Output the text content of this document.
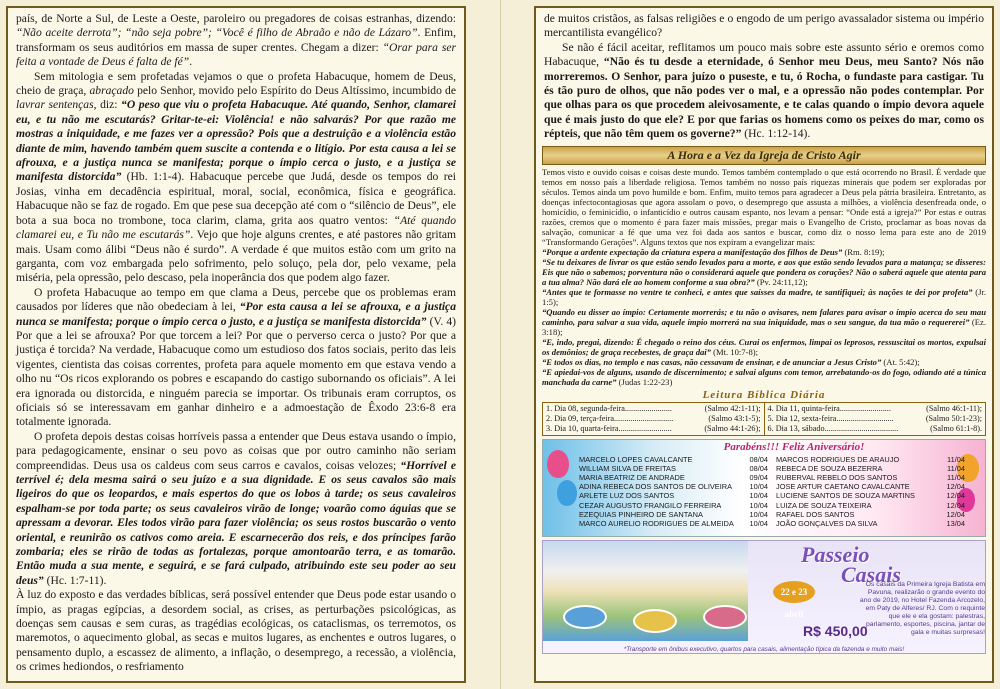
país, de Norte a Sul, de Leste a Oeste, paroleiro ou pregadores de coisas estranhas, dizendo: “Não aceite derrota”; “não seja pobre”; “Você é filho de Abraão e não de Lázaro”. Enfim, transformam os seus auditórios em massa de super crentes. Chegam a dizer: “Orar para ser feita a vontade de Deus é falta de fé”.

Sem mitologia e sem profetadas vejamos o que o profeta Habacuque, homem de Deus, cheio de graça, abraçado pelo Senhor, movido pelo Espírito do Deus Altíssimo, incumbido de lavrar sentenças, diz: “O peso que viu o profeta Habacuque. Até quando, Senhor, clamarei eu, e tu não me escutarás? Gritar-te-ei: Violência! e não salvarás? Por que razão me mostras a iniquidade, e me fazes ver a opressão? Pois que a destruição e a violência estão diante de mim, havendo também quem suscite a contenda e o litígio. Por esta causa a lei se afrouxa, e a justiça nunca se manifesta; porque o ímpio cerca o justo, e a justiça se manifesta distorcida” (Hb. 1:1-4). Habacuque percebe que Judá, desde os tempos do rei Josias, vinha em decadência espiritual, moral, social, econômica, física e geográfica. Habacuque não se faz de rogado. Em que pese sua decepção até com o “silêncio de Deus”, ele bota a sua boca no trombone, toca clarim, clama, grita aos quatro ventos: “Até quando clamarei eu, e Tu não me escutarás”. Vejo que hoje alguns crentes, e até pastores não gritam mais. Usam como álibi “Deus não é surdo”. A verdade é que muitos estão com um grito na garganta, com voz embargada pelo sofrimento, pelo soluço, pela dor, pelo vexame, pela miséria, pela opressão, pelo descaso, pela inoperância dos que podem algo fazer.

O profeta Habacuque ao tempo em que clama a Deus, percebe que os problemas eram causados por líderes que não obedeciam à lei, “Por esta causa a lei se afrouxa, e a justiça nunca se manifesta; porque o ímpio cerca o justo, e a justiça se manifesta distorcida” (V. 4) Por que a lei se afrouxa? Por que torcem a lei? Por que o perverso cerca o justo? Por que a justiça é torcida? Na verdade, Habacuque como um estudioso dos fatos sociais, perito das leis vigentes, cientista das coisas correntes, profeta para aquele momento em que estava vendo a olho nu “Os ricos explorando os pobres e escapando do castigo subornando os oficiais”. A lei era ignorada ou distorcida, e ninguém parecia se importar. Os tribunais eram corruptos, os oficiais só se interessavam em ganhar dinheiro e a admoestação de Êxodo 23:6-8 era totalmente ignorada.

O profeta depois destas coisas horríveis passa a entender que Deus estava usando o ímpio, para pedagogicamente, ensinar o seu povo as coisas que por outro caminho não seriam compreendidas. Deus usa os caldeus com seus carros e cavalos, coisas velozes; “Horrível e terrível é; dela mesma sairá o seu juízo e a sua dignidade. E os seus cavalos são mais ligeiros do que os leopardos, e mais espertos do que os lobos à tarde; os seus cavaleiros espalham-se por toda parte; os seus cavaleiros virão de longe; voarão como águias que se apressam a devorar. Eles todos virão para fazer violência; os seus rostos buscarão o vento oriental, e reunirão os cativos como areia. E escarnecerão dos reis, e dos príncipes farão zombaria; eles se rirão de todas as fortalezas, porque amontoarão terra, e as tomarão. Então muda a sua mente, e seguirá, e se fará culpado, atribuindo este seu poder ao seu deus” (Hc. 1:7-11).

À luz do exposto e das verdades bíblicas, será possível entender que Deus pode estar usando o ímpio, as pragas egípcias, a desordem social, as crises, as perturbações psicológicas, as doenças sem causas e sem curas, as tragédias ecológicas, os cataclismas, os terremotos, os maremotos, o aquecimento global, as secas e muitos lugares, as enchentes e outros lugares, o pensamento duplo, a escassez de alimento, a inflação, o desemprego, a recessão, a violência, os crimes hediondos, o resfriamento

de muitos cristãos, as falsas religiões e o engodo de um perigo avassalador sistema ou império mercantilista evangélico?

Se não é fácil aceitar, reflitamos um pouco mais sobre este assunto sério e oremos como Habacuque, “Não és tu desde a eternidade, ó Senhor meu Deus, meu Santo? Nós não morreremos. O Senhor, para juízo o puseste, e tu, ó Rocha, o fundaste para castigar. Tu és tão puro de olhos, que não podes ver o mal, e a opressão não podes contemplar. Por que olhas para os que procedem aleivosamente, e te calas quando o ímpio devora aquele que é mais justo do que ele? E por que farias os homens como os peixes do mar, como os répteis, que não têm quem os governe?” (Hc. 1:12-14).

A Hora e a Vez da Igreja de Cristo Agir

Temos visto e ouvido coisas e coisas deste mundo. Temos também contemplado o que está ocorrendo no Brasil. É verdade que temos em nosso país a liberdade religiosa. Temos também no nosso país riquezas minerais que podem ser exploradas por séculos. Temos ainda um povo humilde e bom. Enfim, muito temos para agradecer a Deus pela pátria brasileira. Entretanto, as doenças infectocontagiosas que agora assolam o povo, o desemprego que assusta a milhões, a violência desenfreada onde, o homicídio, o feminicídio, o infanticídio e outros causam espanto, nos levam a pensar: “Onde está a igreja?” Por estas e outras razões, cremos que o momento é para fazer mais missões, pregar mais o Evangelho de Cristo, proclamar as boas novas da salvação, comunicar a fé que uma vez foi dada aos santos e buscar, como diz o nosso lema para este ano de 2019 “Transformando Gerações”. Alguns textos que nos expiram a evangelizar mais:

“Porque a ardente expectação da criatura espera a manifestação dos filhos de Deus” (Rm. 8:19);

“Se tu deixares de livrar os que estão sendo levados para a morte, e aos que estão sendo levados para a matança; se disseres: Eis que não o sabemos; porventura não o considerará aquele que pondera os corações? Não o saberá aquele que atenta para a tua alma? Não dará ele ao homem conforme a sua obra?” (Pv. 24:11,12);

“Antes que te formasse no ventre te conheci, e antes que saísses da madre, te santifiquei; às nações te dei por profeta” (Jr. 1:5);

“Quando eu disser ao ímpio: Certamente morrerás; e tu não o avisares, nem falares para avisar o ímpio acerca do seu mau caminho, para salvar a sua vida, aquele ímpio morrerá na sua iniquidade, mas o seu sangue, da tua mão o requererei” (Ez. 3:18);

“E, indo, pregai, dizendo: É chegado o reino dos céus. Curai os enfermos, limpai os leprosos, ressuscitai os mortos, expulsai os demônios; de graça recebestes, de graça dai” (Mt. 10:7-8);

“E todos os dias, no templo e nas casas, não cessavam de ensinar, e de anunciar a Jesus Cristo” (At. 5:42);

“E apiedai-vos de alguns, usando de discernimento; e salvai alguns com temor, arrebatando-os do fogo, odiando até a túnica manchada da carne” (Judas 1:22-23)

Leitura Bíblica Diária
1. Dia 08, segunda-feira.......................	(Salmo 42:1-11);
2. Dia 09, terça-feira.............................	(Salmo 43:1-5);
3. Dia 10, quarta-feira..........................	(Salmo 44:1-26);
4. Dia 11, quinta-feira.........................	(Salmo 46:1-11);
5. Dia 12, sexta-feira............................	(Salmo 50:1-23);
6. Dia 13, sábado....................................	(Salmo 61:1-8).
Parabéns!!! Feliz Aniversário!
MARCELO LOPES CAVALCANTE	08/04
WILLIAM SILVA DE FREITAS	08/04
MARIA BEATRIZ DE ANDRADE	09/04
ADINA REBECA DOS SANTOS DE OLIVEIRA 10/04
ARLETE LUZ DOS SANTOS	10/04
CEZAR AUGUSTO FRANGILO FERREIRA	10/04
EZEQUIAS PINHEIRO DE SANTANA	10/04
MARCO AURELIO RODRIGUES DE ALMEIDA 10/04
MARCOS RODRIGUES DE ARAUJO	11/04
REBECA DE SOUZA BEZERRA	11/04
RUBERVAL REBELO DOS SANTOS	11/04
JOSE ARTUR CAETANO CAVALCANTE	12/04
LUCIENE SANTOS DE SOUZA MARTINS	12/04
LUIZA DE SOUZA TEIXEIRA	12/04
RAFAEL DOS SANTOS	12/04
JOÃO GONÇALVES DA SILVA	13/04
Passeio
Casais
22 e 23 abril
Os casais da Primeira Igreja Batista em Pavuna, realizarão o grande evento do ano de 2019, no Hotel Fazenda Arcozelo, em Paty de Alferes/ RJ. Com o requinte que ele e ela gostam: palestras, parlamento, esportes, piscina, jantar de gala e muitas surpresas!
R$ 450,00
*Transporte em ônibus executivo, quartos para casais, alimentação típica da fazenda e muito mais!
